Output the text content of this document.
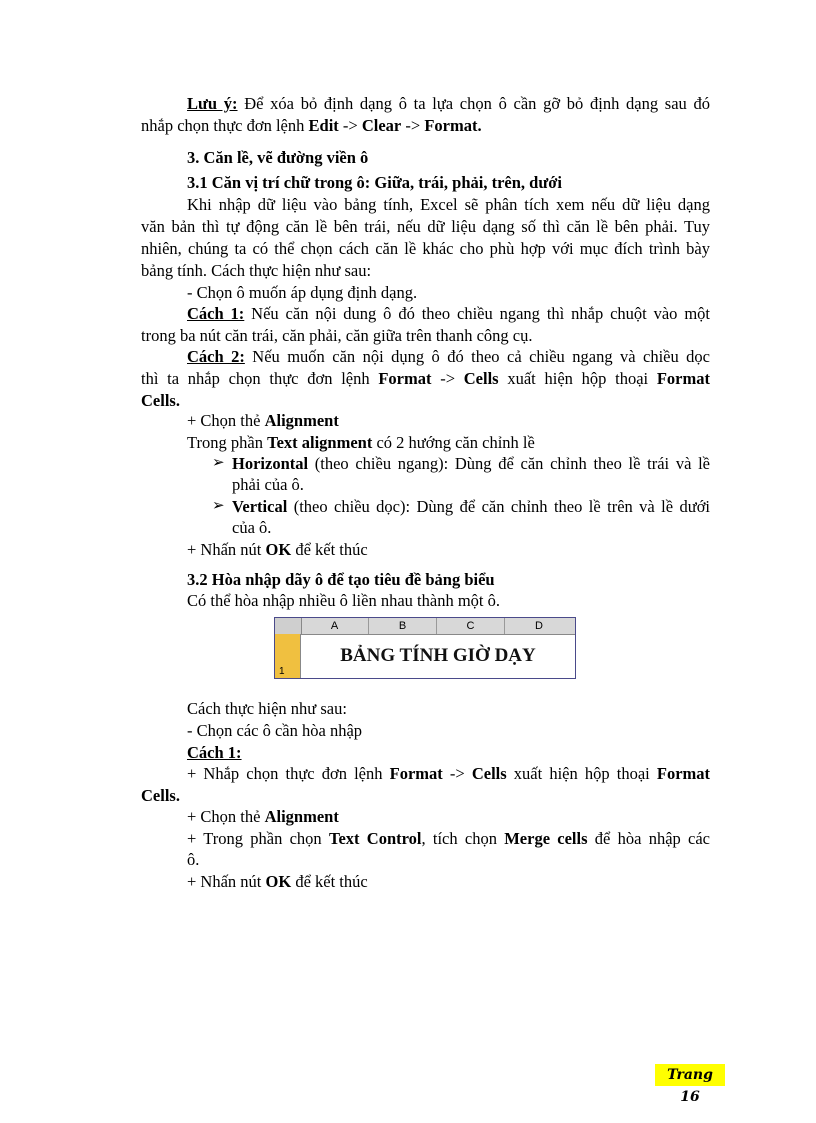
Lưu ý: Để xóa bỏ định dạng ô ta lựa chọn ô cần gỡ bỏ định dạng sau đó
nhắp chọn thực đơn lệnh Edit -> Clear -> Format.
3. Căn lề, vẽ đường viền ô
3.1 Căn vị trí chữ trong ô: Giữa, trái, phải, trên, dưới
Khi nhập dữ liệu vào bảng tính, Excel sẽ phân tích xem nếu dữ liệu dạng
văn bản thì tự động căn lề bên trái, nếu dữ liệu dạng số thì căn lề bên phải. Tuy
nhiên, chúng ta có thể chọn cách căn lề khác cho phù hợp với mục đích trình bày
bảng tính. Cách thực hiện như sau:
- Chọn ô muốn áp dụng định dạng.
Cách 1: Nếu căn nội dung ô đó theo chiều ngang thì nhắp chuột vào một
trong ba nút căn trái, căn phải, căn giữa trên thanh công cụ.
Cách 2: Nếu muốn căn nội dụng ô đó theo cả chiều ngang và chiều dọc
thì ta nhắp chọn thực đơn lệnh Format -> Cells xuất hiện hộp thoại Format
Cells.
+ Chọn thẻ Alignment
Trong phần Text alignment có 2 hướng căn chỉnh lề
➢ Horizontal (theo chiều ngang): Dùng để căn chỉnh theo lề trái và lề
phải của ô.
➢ Vertical (theo chiều dọc): Dùng để căn chỉnh theo lề trên và lề dưới
của ô.
+ Nhấn nút OK để kết thúc
3.2 Hòa nhập dãy ô để tạo tiêu đề bảng biểu
Có thể hòa nhập nhiều ô liền nhau thành một ô.
A	B	C	D
1
BẢNG TÍNH GIỜ DẠY
Cách thực hiện như sau:
- Chọn các ô cần hòa nhập
Cách 1:
+ Nhắp chọn thực đơn lệnh Format -> Cells xuất hiện hộp thoại Format
Cells.
+ Chọn thẻ Alignment
+ Trong phần chọn Text Control, tích chọn Merge cells để hòa nhập các
ô.
+ Nhấn nút OK để kết thúc
Trang 16
